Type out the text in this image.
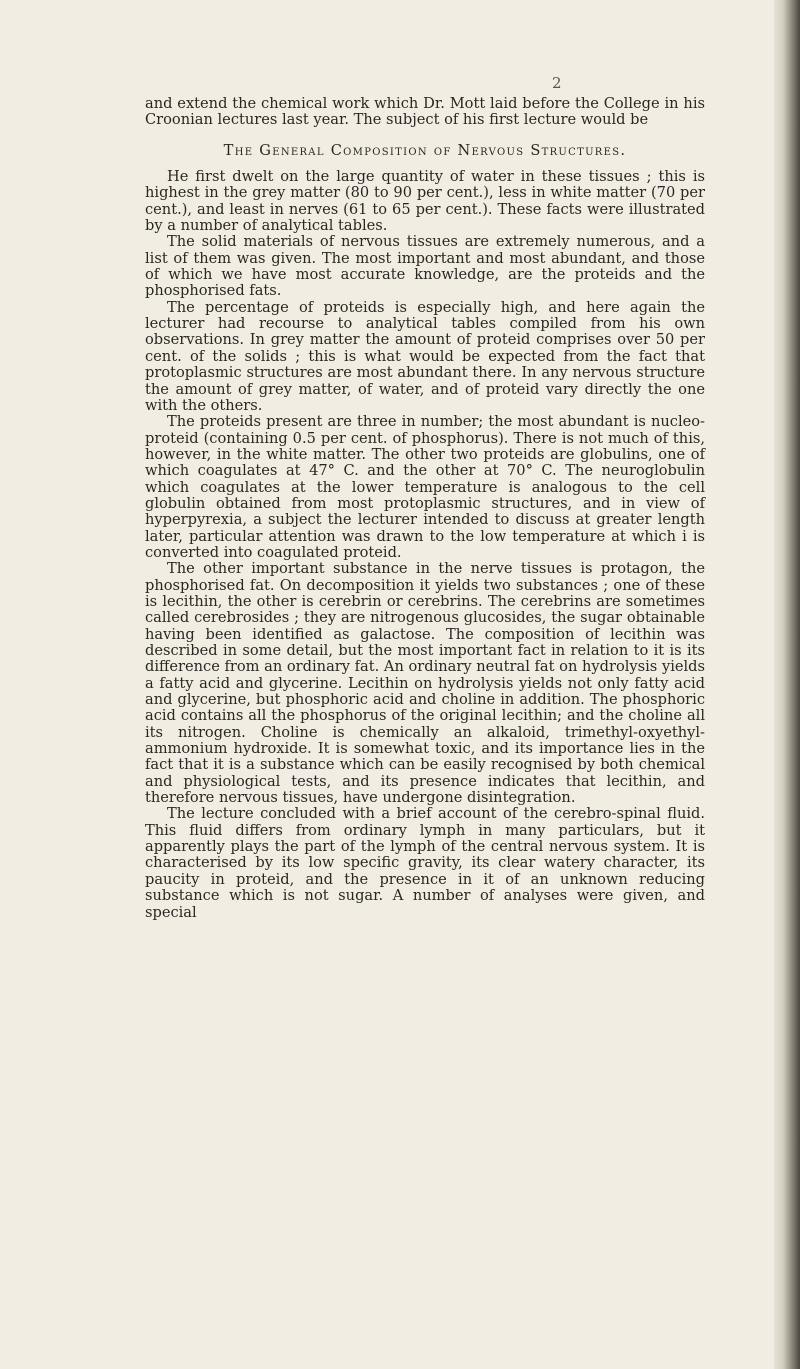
2

and extend the chemical work which Dr. Mott laid before the College in his Croonian lectures last year. The subject of his first lecture would be

The General Composition of Nervous Structures.

He first dwelt on the large quantity of water in these tissues ; this is highest in the grey matter (80 to 90 per cent.), less in white matter (70 per cent.), and least in nerves (61 to 65 per cent.). These facts were illustrated by a number of analytical tables.

The solid materials of nervous tissues are extremely numerous, and a list of them was given. The most important and most abundant, and those of which we have most accurate knowledge, are the proteids and the phosphorised fats.

The percentage of proteids is especially high, and here again the lecturer had recourse to analytical tables compiled from his own observations. In grey matter the amount of proteid comprises over 50 per cent. of the solids ; this is what would be expected from the fact that protoplasmic structures are most abundant there. In any nervous structure the amount of grey matter, of water, and of proteid vary directly the one with the others.

The proteids present are three in number; the most abundant is nucleo-proteid (containing 0.5 per cent. of phosphorus). There is not much of this, however, in the white matter. The other two proteids are globulins, one of which coagulates at 47° C. and the other at 70° C. The neuroglobulin which coagulates at the lower temperature is analogous to the cell globulin obtained from most protoplasmic structures, and in view of hyperpyrexia, a subject the lecturer intended to discuss at greater length later, particular attention was drawn to the low temperature at which i is converted into coagulated proteid.

The other important substance in the nerve tissues is protagon, the phosphorised fat. On decomposition it yields two substances ; one of these is lecithin, the other is cerebrin or cerebrins. The cerebrins are sometimes called cerebrosides ; they are nitrogenous glucosides, the sugar obtainable having been identified as galactose. The composition of lecithin was described in some detail, but the most important fact in relation to it is its difference from an ordinary fat. An ordinary neutral fat on hydrolysis yields a fatty acid and glycerine. Lecithin on hydrolysis yields not only fatty acid and glycerine, but phosphoric acid and choline in addition. The phosphoric acid contains all the phosphorus of the original lecithin; and the choline all its nitrogen. Choline is chemically an alkaloid, trimethyl-oxyethyl-ammonium hydroxide. It is somewhat toxic, and its importance lies in the fact that it is a substance which can be easily recognised by both chemical and physiological tests, and its presence indicates that lecithin, and therefore nervous tissues, have undergone disintegration.

The lecture concluded with a brief account of the cerebro-spinal fluid. This fluid differs from ordinary lymph in many particulars, but it apparently plays the part of the lymph of the central nervous system. It is characterised by its low specific gravity, its clear watery character, its paucity in proteid, and the presence in it of an unknown reducing substance which is not sugar. A number of analyses were given, and special
